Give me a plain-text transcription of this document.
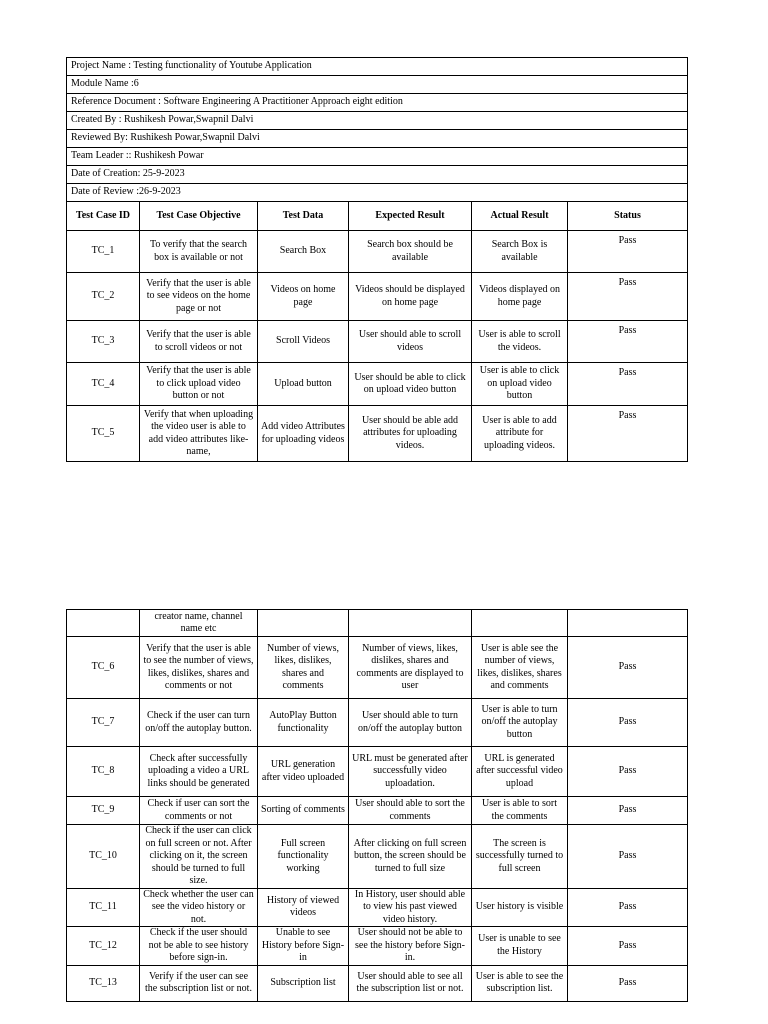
Project Name : Testing functionality of Youtube Application					
Module Name :6					
Reference Document : Software Engineering A Practitioner Approach eight edition					
Created By : Rushikesh Powar,Swapnil Dalvi					
Reviewed By: Rushikesh Powar,Swapnil Dalvi					
Team Leader :: Rushikesh Powar					
Date of Creation: 25-9-2023					
Date of Review :26-9-2023					
Test Case ID	Test Case Objective	Test Data	Expected Result	Actual Result	Status
TC_1	To verify that the search box is available or not	Search Box	Search box should be available	Search Box is available	Pass
TC_2	Verify that the user is able to see videos on the home page or not	Videos on home page	Videos should be displayed on home page	Videos displayed on home page	Pass
TC_3	Verify that the user is able to scroll videos or not	Scroll Videos	User should able to scroll videos	User is able to scroll the videos.	Pass
TC_4	Verify that the user is able to click upload video button or not	Upload button	User should be able to click on upload video button	User is able to click on upload video button	Pass
TC_5	Verify that when uploading the video user is able to add video attributes like-name,	Add video Attributes for uploading videos	User should be able add attributes for uploading videos.	User is able to add attribute for uploading videos.	Pass
	creator name, channel name etc				
TC_6	Verify that the user is able to see the number of views, likes, dislikes, shares and comments or not	Number of views, likes, dislikes, shares and comments	Number of views, likes, dislikes, shares and comments are displayed to user	User is able see the number of views, likes, dislikes, shares and comments	Pass
TC_7	Check if the user can turn on/off the autoplay button.	AutoPlay Button functionality	User should able to turn on/off the autoplay button	User is able to turn on/off the autoplay button	Pass
TC_8	Check after successfully uploading a video a URL links should be generated	URL generation after video uploaded	URL must be generated after successfully video uploadation.	URL is generated after successful video upload	Pass
TC_9	Check if user can sort the comments or not	Sorting of comments	User should able to sort the comments	User is able to sort the comments	Pass
TC_10	Check if the user can click on full screen or not. After clicking on it, the screen should be turned to full size.	Full screen functionality working	After clicking on full screen button, the screen should be turned to full size	The screen is successfully turned to full screen	Pass
TC_11	Check whether the user can see the video history or not.	History of viewed videos	In History, user should able to view his past viewed video history.	User history is visible	Pass
TC_12	Check if the user should not be able to see history before sign-in.	Unable to see History before Sign-in	User should not be able to see the history before Sign-in.	User is unable to see the History	Pass
TC_13	Verify if the user can see the subscription list or not.	Subscription list	User should able to see all the subscription list or not.	User is able to see the subscription list.	Pass
